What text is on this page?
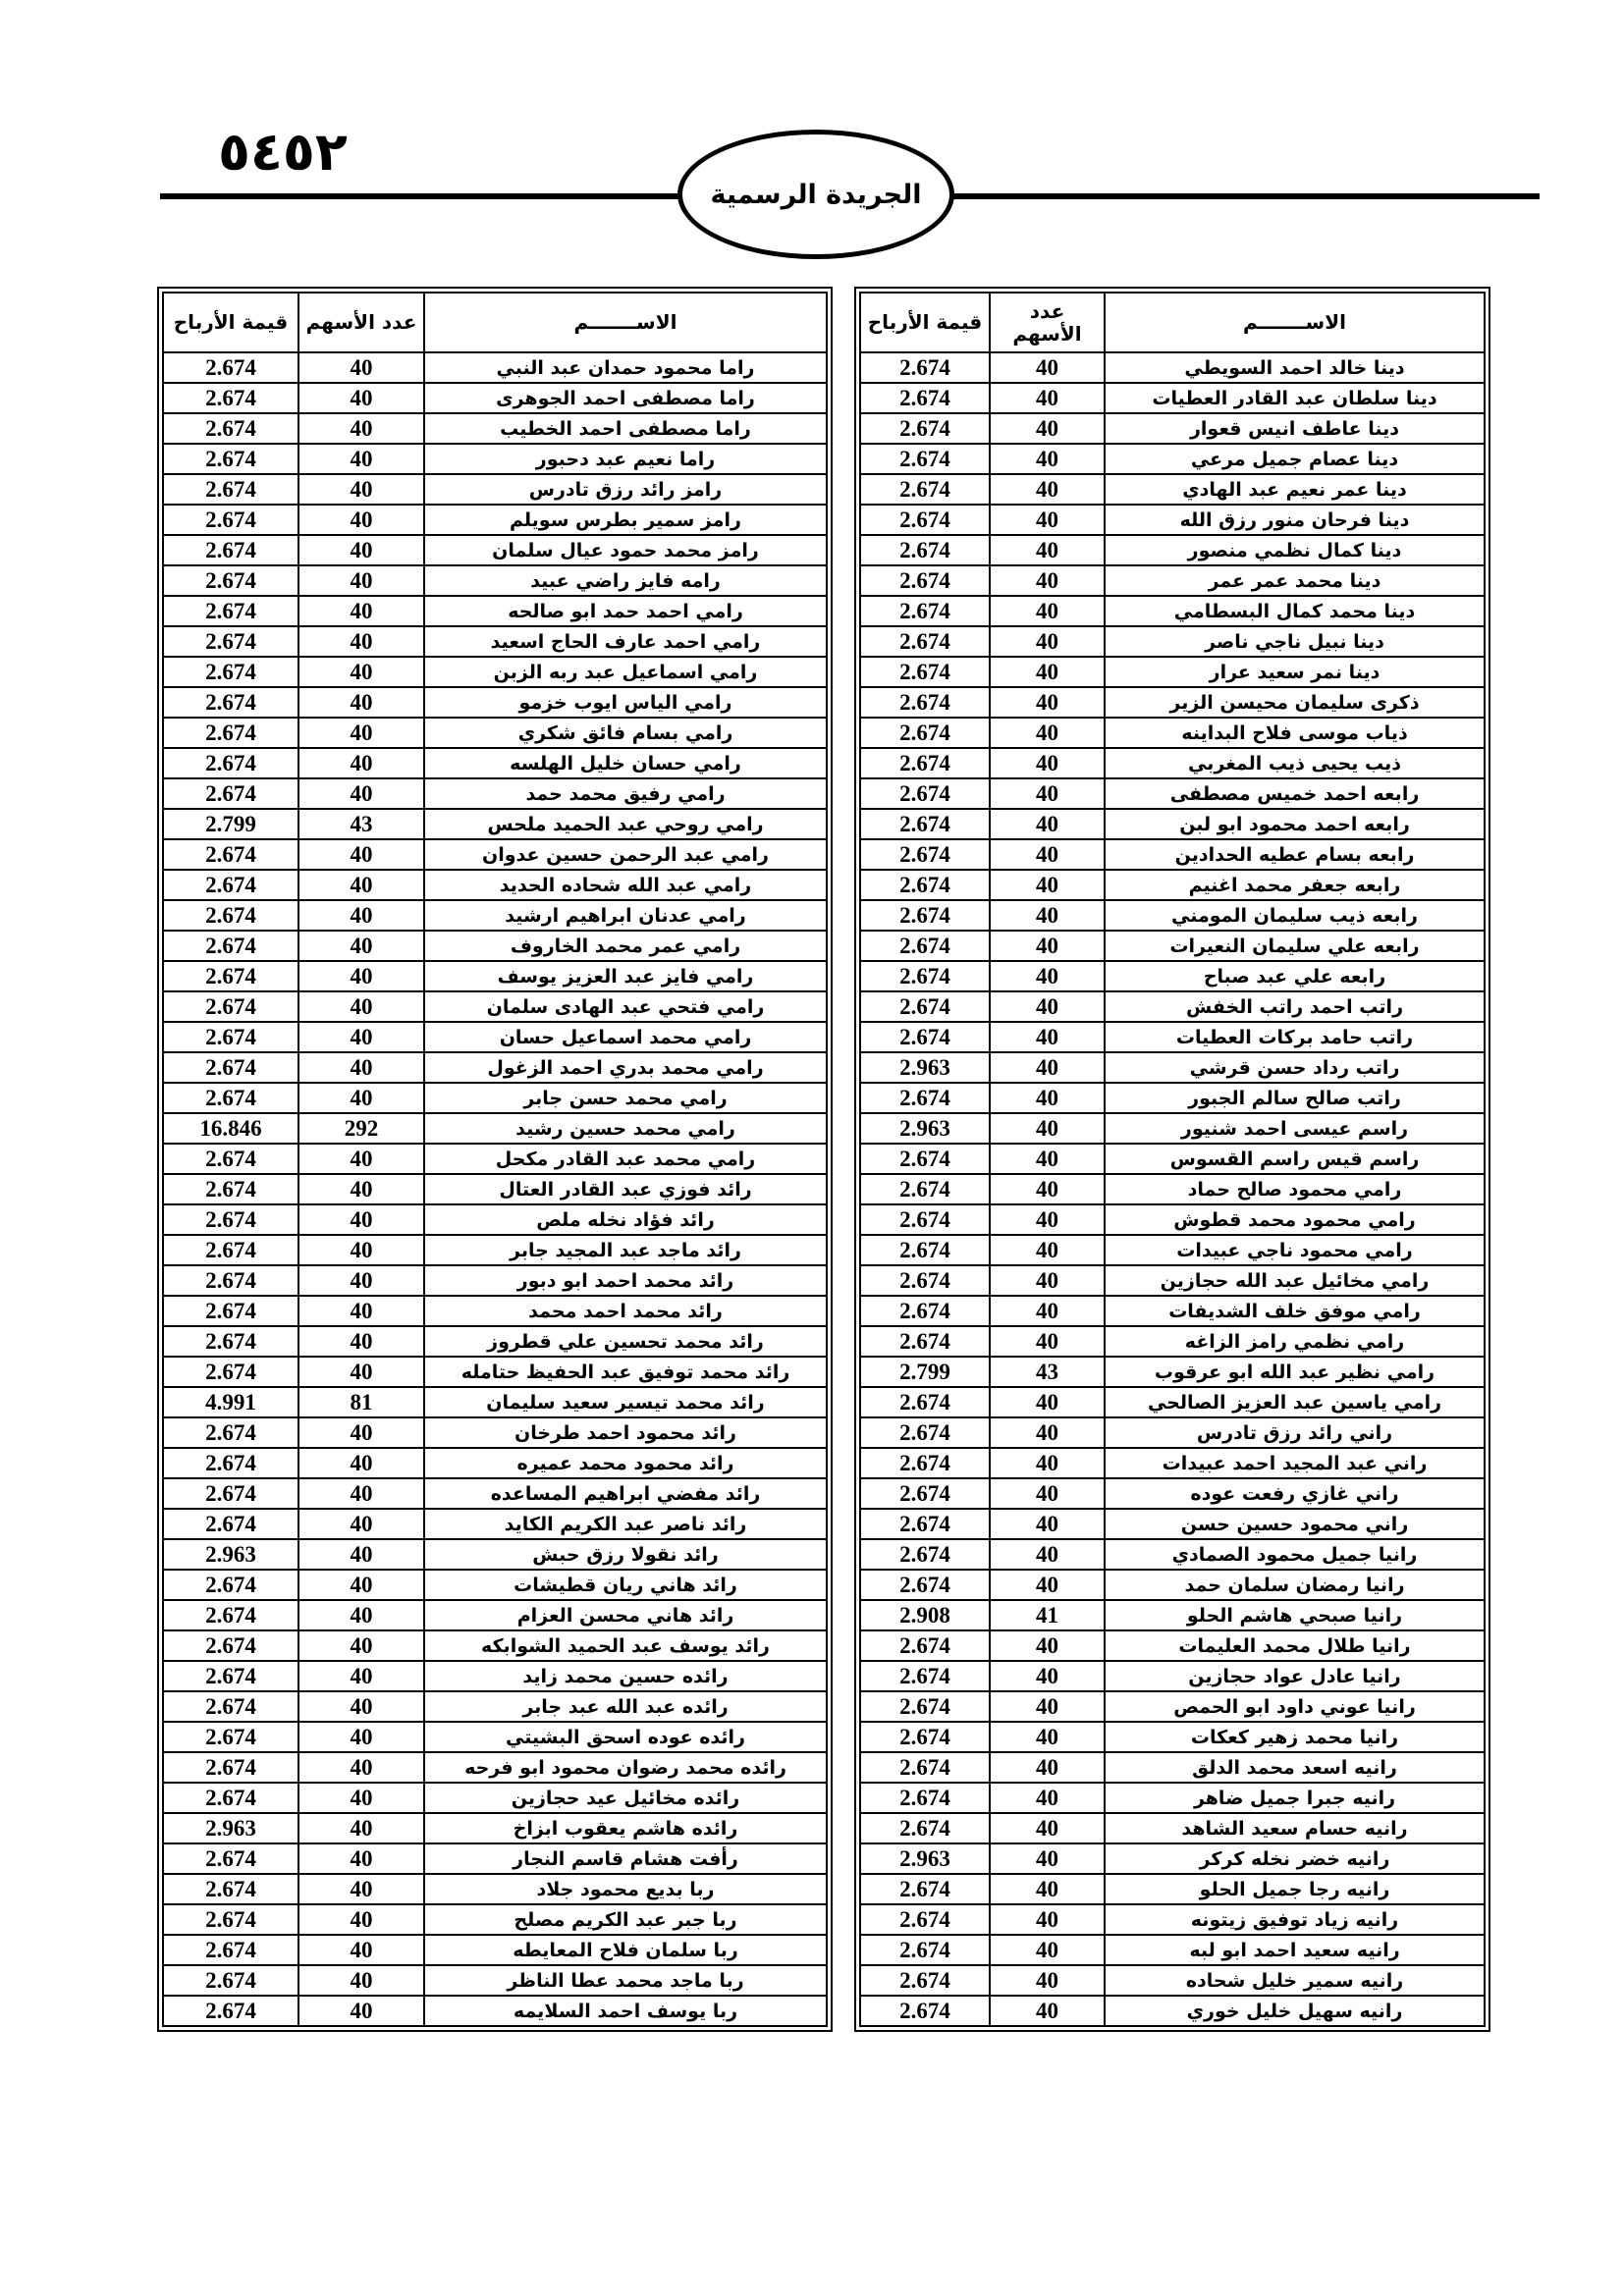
٥٤٥٢
الجريدة الرسمية
الاســـــــم	عدد الأسهم	قيمة الأرباح
دينا خالد احمد السويطي	40	2.674
دينا سلطان عبد القادر العطيات	40	2.674
دينا عاطف انيس قعوار	40	2.674
دينا عصام جميل مرعي	40	2.674
دينا عمر نعيم عبد الهادي	40	2.674
دينا فرحان منور رزق الله	40	2.674
دينا كمال نظمي منصور	40	2.674
دينا محمد عمر عمر	40	2.674
دينا محمد كمال البسطامي	40	2.674
دينا نبيل ناجي ناصر	40	2.674
دينا نمر سعيد عرار	40	2.674
ذكرى سليمان محيسن الزير	40	2.674
ذياب موسى فلاح البداينه	40	2.674
ذيب يحيى ذيب المغربي	40	2.674
رابعه احمد خميس مصطفى	40	2.674
رابعه احمد محمود ابو لبن	40	2.674
رابعه بسام عطيه الحدادين	40	2.674
رابعه جعفر محمد اغنيم	40	2.674
رابعه ذيب سليمان المومني	40	2.674
رابعه علي سليمان النعيرات	40	2.674
رابعه علي عبد صباح	40	2.674
راتب احمد راتب الخفش	40	2.674
راتب حامد بركات العطيات	40	2.674
راتب رداد حسن قرشي	40	2.963
راتب صالح سالم الجبور	40	2.674
راسم عيسى احمد شنيور	40	2.963
راسم قيس راسم القسوس	40	2.674
رامي محمود صالح حماد	40	2.674
رامي محمود محمد قطوش	40	2.674
رامي محمود ناجي عبيدات	40	2.674
رامي مخائيل عبد الله حجازين	40	2.674
رامي موفق خلف الشديفات	40	2.674
رامي نظمي رامز الزاغه	40	2.674
رامي نظير عبد الله ابو عرقوب	43	2.799
رامي ياسين عبد العزيز الصالحي	40	2.674
راني رائد رزق تادرس	40	2.674
راني عبد المجيد احمد عبيدات	40	2.674
راني غازي رفعت عوده	40	2.674
راني محمود حسين حسن	40	2.674
رانيا جميل محمود الصمادي	40	2.674
رانيا رمضان سلمان حمد	40	2.674
رانيا صبحي هاشم الحلو	41	2.908
رانيا طلال محمد العليمات	40	2.674
رانيا عادل عواد حجازين	40	2.674
رانيا عوني داود ابو الحمص	40	2.674
رانيا محمد زهير كعكات	40	2.674
رانيه اسعد محمد الدلق	40	2.674
رانيه جبرا جميل ضاهر	40	2.674
رانيه حسام سعيد الشاهد	40	2.674
رانيه خضر نخله كركر	40	2.963
رانيه رجا جميل الحلو	40	2.674
رانيه زياد توفيق زيتونه	40	2.674
رانيه سعيد احمد ابو لبه	40	2.674
رانيه سمير خليل شحاده	40	2.674
رانيه سهيل خليل خوري	40	2.674
الاســـــــم	عدد الأسهم	قيمة الأرباح
راما محمود حمدان عبد النبي	40	2.674
راما مصطفى احمد الجوهرى	40	2.674
راما مصطفى احمد الخطيب	40	2.674
راما نعيم عبد دحبور	40	2.674
رامز رائد رزق تادرس	40	2.674
رامز سمير بطرس سويلم	40	2.674
رامز محمد حمود عيال سلمان	40	2.674
رامه فايز راضي عبيد	40	2.674
رامي احمد حمد ابو صالحه	40	2.674
رامي احمد عارف الحاج اسعيد	40	2.674
رامي اسماعيل عبد ربه الزبن	40	2.674
رامي الياس ايوب خزمو	40	2.674
رامي بسام فائق شكري	40	2.674
رامي حسان خليل الهلسه	40	2.674
رامي رفيق محمد حمد	40	2.674
رامي روحي عبد الحميد ملحس	43	2.799
رامي عبد الرحمن حسين عدوان	40	2.674
رامي عبد الله شحاده الحديد	40	2.674
رامي عدنان ابراهيم ارشيد	40	2.674
رامي عمر محمد الخاروف	40	2.674
رامي فايز عبد العزيز يوسف	40	2.674
رامي فتحي عبد الهادى سلمان	40	2.674
رامي محمد اسماعيل حسان	40	2.674
رامي محمد بدري احمد الزغول	40	2.674
رامي محمد حسن جابر	40	2.674
رامي محمد حسين رشيد	292	16.846
رامي محمد عبد القادر مكحل	40	2.674
رائد فوزي عبد القادر العتال	40	2.674
رائد فؤاد نخله ملص	40	2.674
رائد ماجد عبد المجيد جابر	40	2.674
رائد محمد احمد ابو دبور	40	2.674
رائد محمد احمد محمد	40	2.674
رائد محمد تحسين علي قطروز	40	2.674
رائد محمد توفيق عبد الحفيظ حتامله	40	2.674
رائد محمد تيسير سعيد سليمان	81	4.991
رائد محمود احمد طرخان	40	2.674
رائد محمود محمد عميره	40	2.674
رائد مفضي ابراهيم المساعده	40	2.674
رائد ناصر عبد الكريم الكايد	40	2.674
رائد نقولا رزق حبش	40	2.963
رائد هاني ريان قطيشات	40	2.674
رائد هاني محسن العزام	40	2.674
رائد يوسف عبد الحميد الشوابكه	40	2.674
رائده حسين محمد زايد	40	2.674
رائده عبد الله عبد جابر	40	2.674
رائده عوده اسحق البشيتي	40	2.674
رائده محمد رضوان محمود ابو فرحه	40	2.674
رائده مخائيل عيد حجازين	40	2.674
رائده هاشم يعقوب ابزاخ	40	2.963
رأفت هشام قاسم النجار	40	2.674
ربا بديع محمود جلاد	40	2.674
ربا جبر عبد الكريم مصلح	40	2.674
ربا سلمان فلاح المعايطه	40	2.674
ربا ماجد محمد عطا الناظر	40	2.674
ربا يوسف احمد السلايمه	40	2.674
